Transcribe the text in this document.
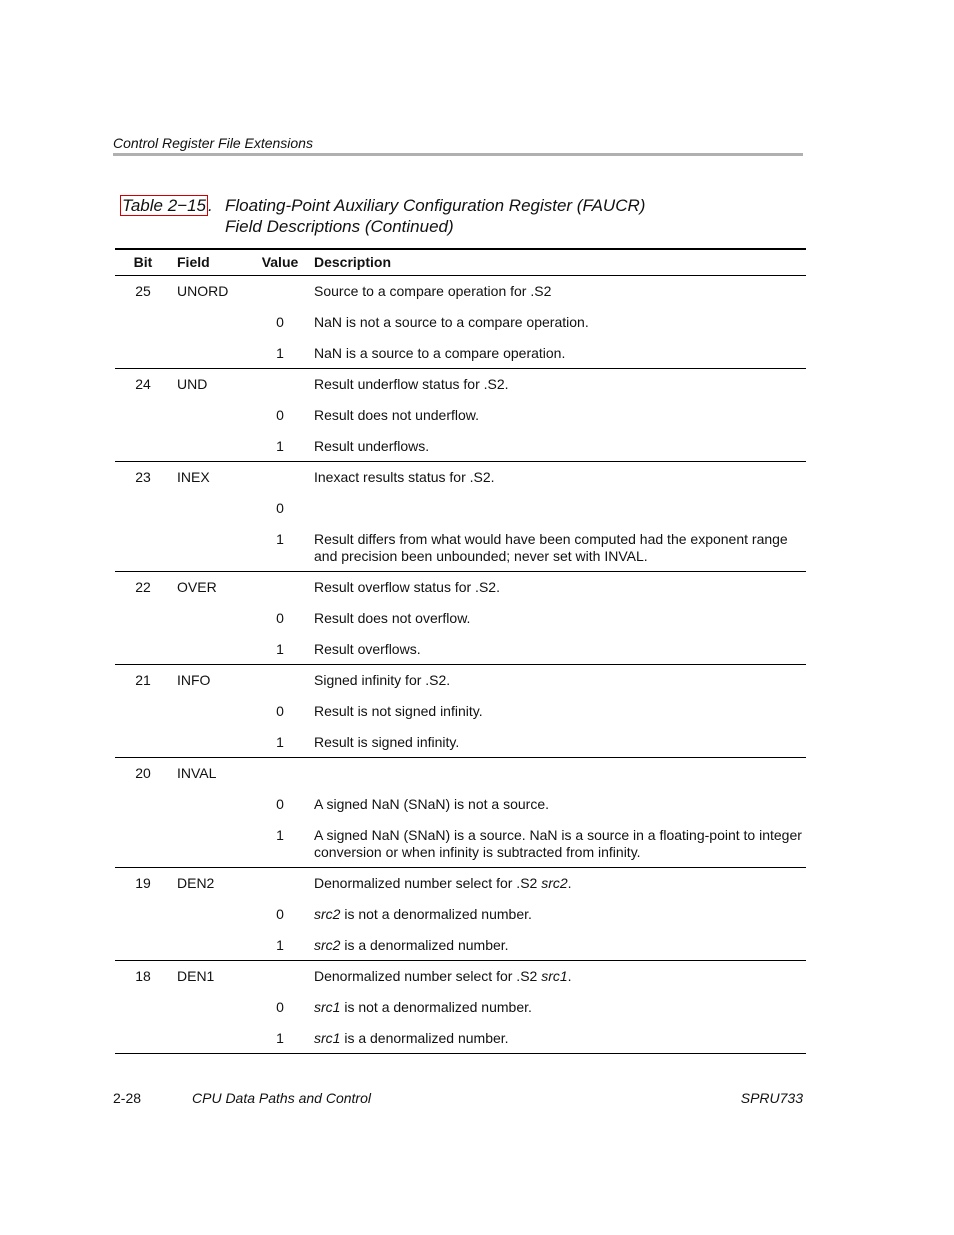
Control Register File Extensions
Table 2−15 . Floating-Point Auxiliary Configuration Register (FAUCR)
Field Descriptions (Continued)
Bit	Field	Value	Description
25	UNORD		Source to a compare operation for .S2
		0	NaN is not a source to a compare operation.
		1	NaN is a source to a compare operation.
24	UND		Result underflow status for .S2.
		0	Result does not underflow.
		1	Result underflows.
23	INEX		Inexact results status for .S2.
		0	
		1	Result differs from what would have been computed had the exponent range and precision been unbounded; never set with INVAL.
22	OVER		Result overflow status for .S2.
		0	Result does not overflow.
		1	Result overflows.
21	INFO		Signed infinity for .S2.
		0	Result is not signed infinity.
		1	Result is signed infinity.
20	INVAL		
		0	A signed NaN (SNaN) is not a source.
		1	A signed NaN (SNaN) is a source. NaN is a source in a floating-point to integer conversion or when infinity is subtracted from infinity.
19	DEN2		Denormalized number select for .S2 src2.
		0	src2 is not a denormalized number.
		1	src2 is a denormalized number.
18	DEN1		Denormalized number select for .S2 src1.
		0	src1 is not a denormalized number.
		1	src1 is a denormalized number.
2-28	CPU Data Paths and Control	SPRU733
